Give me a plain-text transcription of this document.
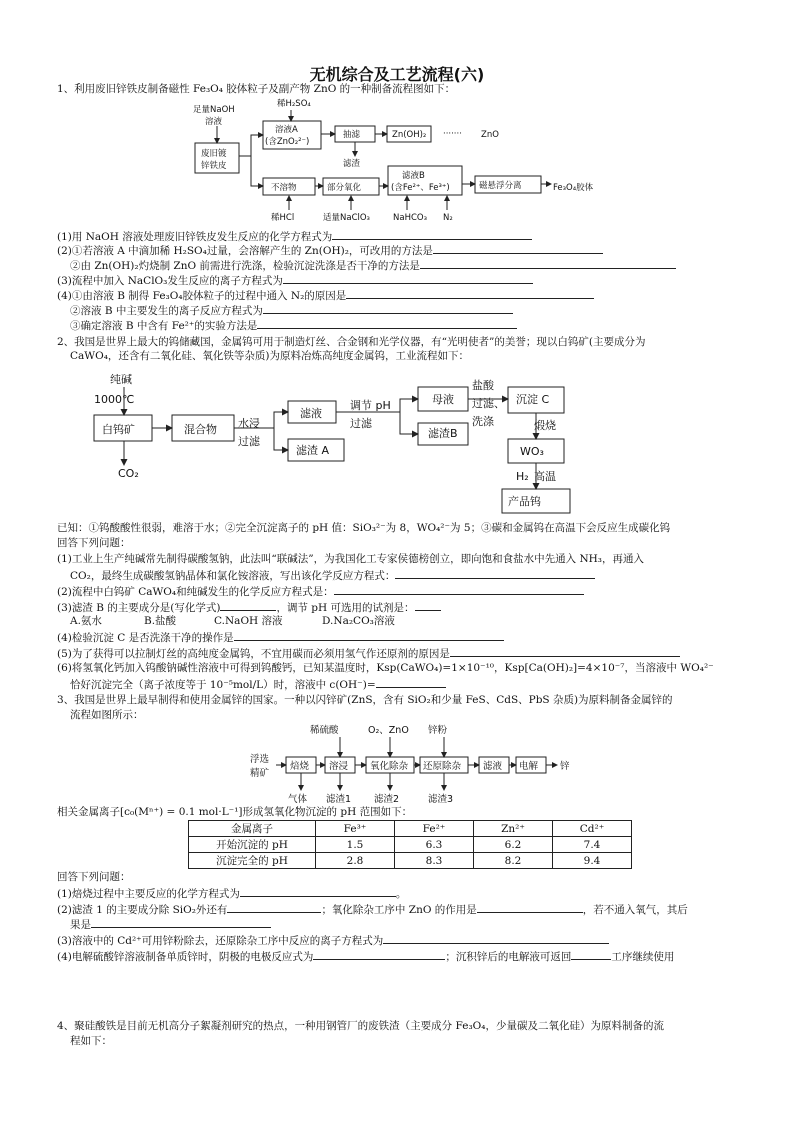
无机综合及工艺流程(六)
1、利用废旧锌铁皮制备磁性 Fe₃O₄ 胶体粒子及副产物 ZnO 的一种制备流程图如下：
足量NaOH
溶液
稀H₂SO₄
溶液A
(含ZnO₂²⁻)
抽滤	Zn(OH)₂ ······· ZnO
滤渣
废旧镀
锌铁皮
不溶物	部分氧化
滤液B
(含Fe²⁺、Fe³⁺)	磁悬浮分离	Fe₃O₄胶体
稀HCl	适量NaClO₃	NaHCO₃ N₂
(1)用 NaOH 溶液处理废旧锌铁皮发生反应的化学方程式为
(2)①若溶液 A 中滴加稀 H₂SO₄过量，会溶解产生的 Zn(OH)₂，可改用的方法是
②由 Zn(OH)₂灼烧制 ZnO 前需进行洗涤，检验沉淀洗涤是否干净的方法是
(3)流程中加入 NaClO₃发生反应的离子方程式为
(4)①由溶液 B 制得 Fe₃O₄胶体粒子的过程中通入 N₂的原因是
②溶液 B 中主要发生的离子反应方程式为
③确定溶液 B 中含有 Fe²⁺的实验方法是
2、我国是世界上最大的钨储藏国，金属钨可用于制造灯丝、合金钢和光学仪器，有“光明使者”的美誉；现以白钨矿(主要成分为
CaWO₄，还含有二氧化硅、氧化铁等杂质)为原料冶炼高纯度金属钨，工业流程如下：
纯碱
1000℃
白钨矿	混合物 水浸
过滤
滤液
滤渣 A
调节 pH
过滤
母液
滤渣B
盐酸
过滤、
洗涤
沉淀 C
煅烧
WO₃
H₂ 高温
产品钨
CO₂
已知：①钨酸酸性很弱，难溶于水；②完全沉淀离子的 pH 值：SiO₃²⁻为 8，WO₄²⁻为 5；③碳和金属钨在高温下会反应生成碳化钨
回答下列问题：
(1)工业上生产纯碱常先制得碳酸氢钠，此法叫“联碱法”，为我国化工专家侯德榜创立，即向饱和食盐水中先通入 NH₃，再通入
CO₂，最终生成碳酸氢钠晶体和氯化铵溶液，写出该化学反应方程式：
(2)流程中白钨矿 CaWO₄和纯碱发生的化学反应方程式是：
(3)滤渣 B 的主要成分是(写化学式)	，调节 pH 可选用的试剂是：
A.氨水	B.盐酸	C.NaOH 溶液	D.Na₂CO₃溶液
(4)检验沉淀 C 是否洗涤干净的操作是
(5)为了获得可以拉制灯丝的高纯度金属钨，不宜用碳而必须用氢气作还原剂的原因是
(6)将氢氧化钙加入钨酸钠碱性溶液中可得到钨酸钙，已知某温度时，Ksp(CaWO₄)=1×10⁻¹⁰，Ksp[Ca(OH)₂]=4×10⁻⁷，当溶液中 WO₄²⁻
恰好沉淀完全（离子浓度等于 10⁻⁵mol/L）时，溶液中 c(OH⁻)=
3、我国是世界上最早制得和使用金属锌的国家。一种以闪锌矿(ZnS，含有 SiO₂和少量 FeS、CdS、PbS 杂质)为原料制备金属锌的
流程如图所示：
稀硫酸	O₂、ZnO 锌粉
浮选
精矿
焙烧 溶浸 氧化除杂 还原除杂 滤液 电解 锌
气体 滤渣1 滤渣2	滤渣3
相关金属离子[c₀(Mⁿ⁺) = 0.1 mol·L⁻¹]形成氢氧化物沉淀的 pH 范围如下：
金属离子	Fe³⁺	Fe²⁺	Zn²⁺	Cd²⁺
开始沉淀的 pH	1.5	6.3	6.2	7.4
沉淀完全的 pH	2.8	8.3	8.2	9.4
回答下列问题：
(1)焙烧过程中主要反应的化学方程式为	。
(2)滤渣 1 的主要成分除 SiO₂外还有	；氧化除杂工序中 ZnO 的作用是	，若不通入氧气，其后
果是
(3)溶液中的 Cd²⁺可用锌粉除去，还原除杂工序中反应的离子方程式为
(4)电解硫酸锌溶液制备单质锌时，阴极的电极反应式为	；沉积锌后的电解液可返回	工序继续使用
4、聚硅酸铁是目前无机高分子絮凝剂研究的热点，一种用钢管厂的废铁渣（主要成分 Fe₃O₄，少量碳及二氧化硅）为原料制备的流
程如下：
